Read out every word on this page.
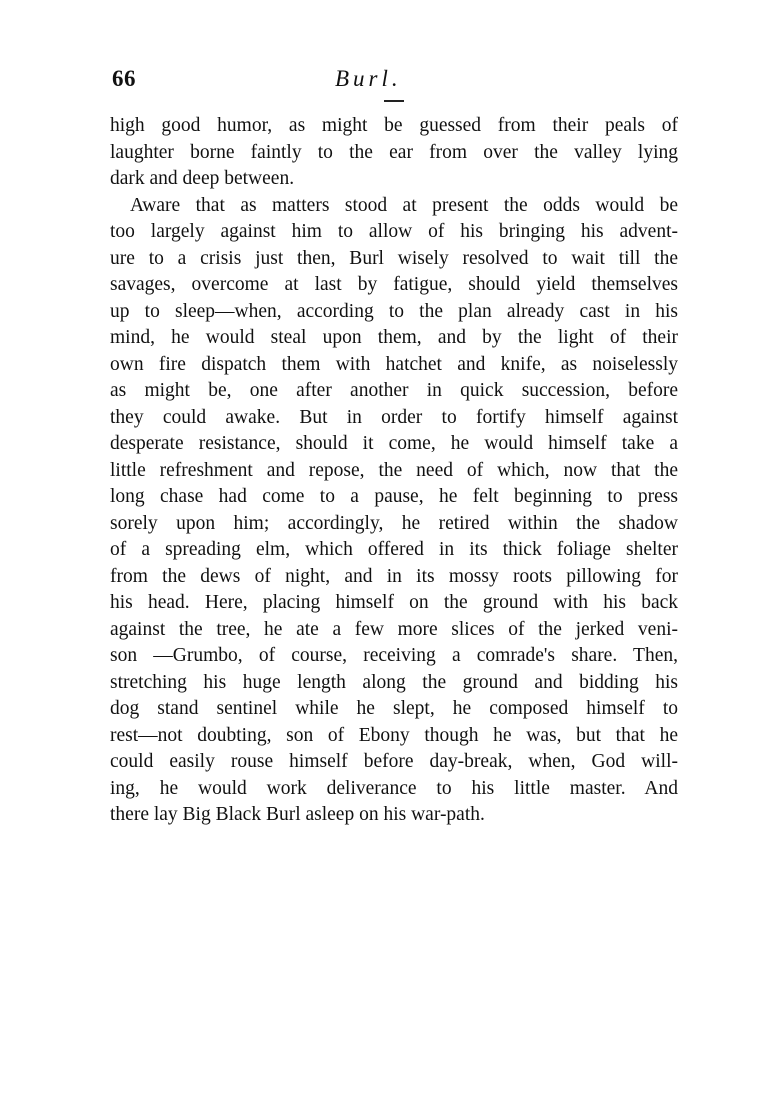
66	Burl.
high good humor, as might be guessed from their peals of
laughter borne faintly to the ear from over the valley lying
dark and deep between.
Aware that as matters stood at present the odds would be
too largely against him to allow of his bringing his advent-
ure to a crisis just then, Burl wisely resolved to wait till the
savages, overcome at last by fatigue, should yield themselves
up to sleep—when, according to the plan already cast in his
mind, he would steal upon them, and by the light of their
own fire dispatch them with hatchet and knife, as noiselessly
as might be, one after another in quick succession, before
they could awake. But in order to fortify himself against
desperate resistance, should it come, he would himself take a
little refreshment and repose, the need of which, now that the
long chase had come to a pause, he felt beginning to press
sorely upon him; accordingly, he retired within the shadow
of a spreading elm, which offered in its thick foliage shelter
from the dews of night, and in its mossy roots pillowing for
his head. Here, placing himself on the ground with his back
against the tree, he ate a few more slices of the jerked veni-
son —Grumbo, of course, receiving a comrade's share. Then,
stretching his huge length along the ground and bidding his
dog stand sentinel while he slept, he composed himself to
rest—not doubting, son of Ebony though he was, but that he
could easily rouse himself before day-break, when, God will-
ing, he would work deliverance to his little master. And
there lay Big Black Burl asleep on his war-path.
